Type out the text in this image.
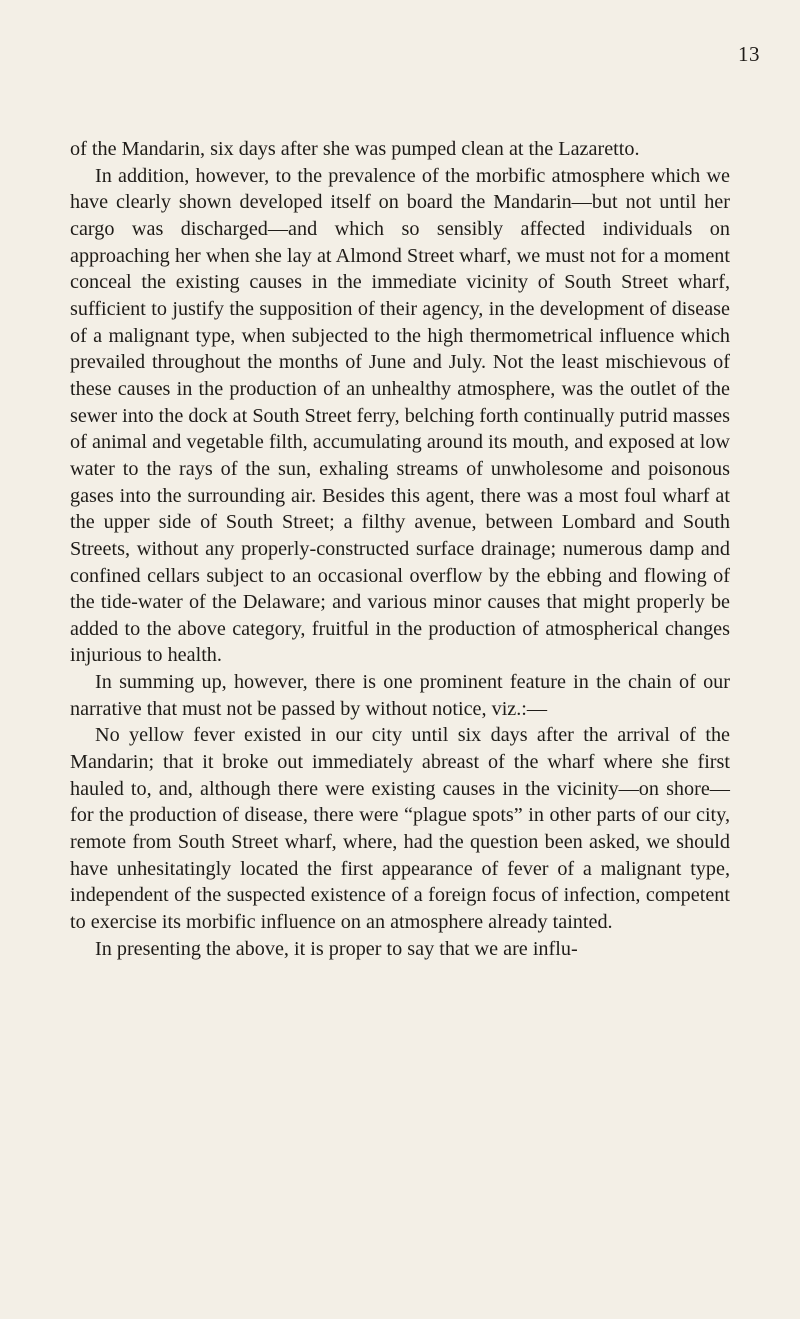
13

of the Mandarin, six days after she was pumped clean at the Lazaretto.

In addition, however, to the prevalence of the morbific atmosphere which we have clearly shown developed itself on board the Mandarin—but not until her cargo was discharged—and which so sensibly affected individuals on approaching her when she lay at Almond Street wharf, we must not for a moment conceal the existing causes in the immediate vicinity of South Street wharf, sufficient to justify the supposition of their agency, in the development of disease of a malignant type, when subjected to the high thermometrical influence which prevailed throughout the months of June and July. Not the least mischievous of these causes in the production of an unhealthy atmosphere, was the outlet of the sewer into the dock at South Street ferry, belching forth continually putrid masses of animal and vegetable filth, accumulating around its mouth, and exposed at low water to the rays of the sun, exhaling streams of unwholesome and poisonous gases into the surrounding air. Besides this agent, there was a most foul wharf at the upper side of South Street; a filthy avenue, between Lombard and South Streets, without any properly-constructed surface drainage; numerous damp and confined cellars subject to an occasional overflow by the ebbing and flowing of the tide-water of the Delaware; and various minor causes that might properly be added to the above category, fruitful in the production of atmospherical changes injurious to health.

In summing up, however, there is one prominent feature in the chain of our narrative that must not be passed by without notice, viz.:—

No yellow fever existed in our city until six days after the arrival of the Mandarin; that it broke out immediately abreast of the wharf where she first hauled to, and, although there were existing causes in the vicinity—on shore—for the production of disease, there were “plague spots” in other parts of our city, remote from South Street wharf, where, had the question been asked, we should have unhesitatingly located the first appearance of fever of a malignant type, independent of the suspected existence of a foreign focus of infection, competent to exercise its morbific influence on an atmosphere already tainted.

In presenting the above, it is proper to say that we are influ-
